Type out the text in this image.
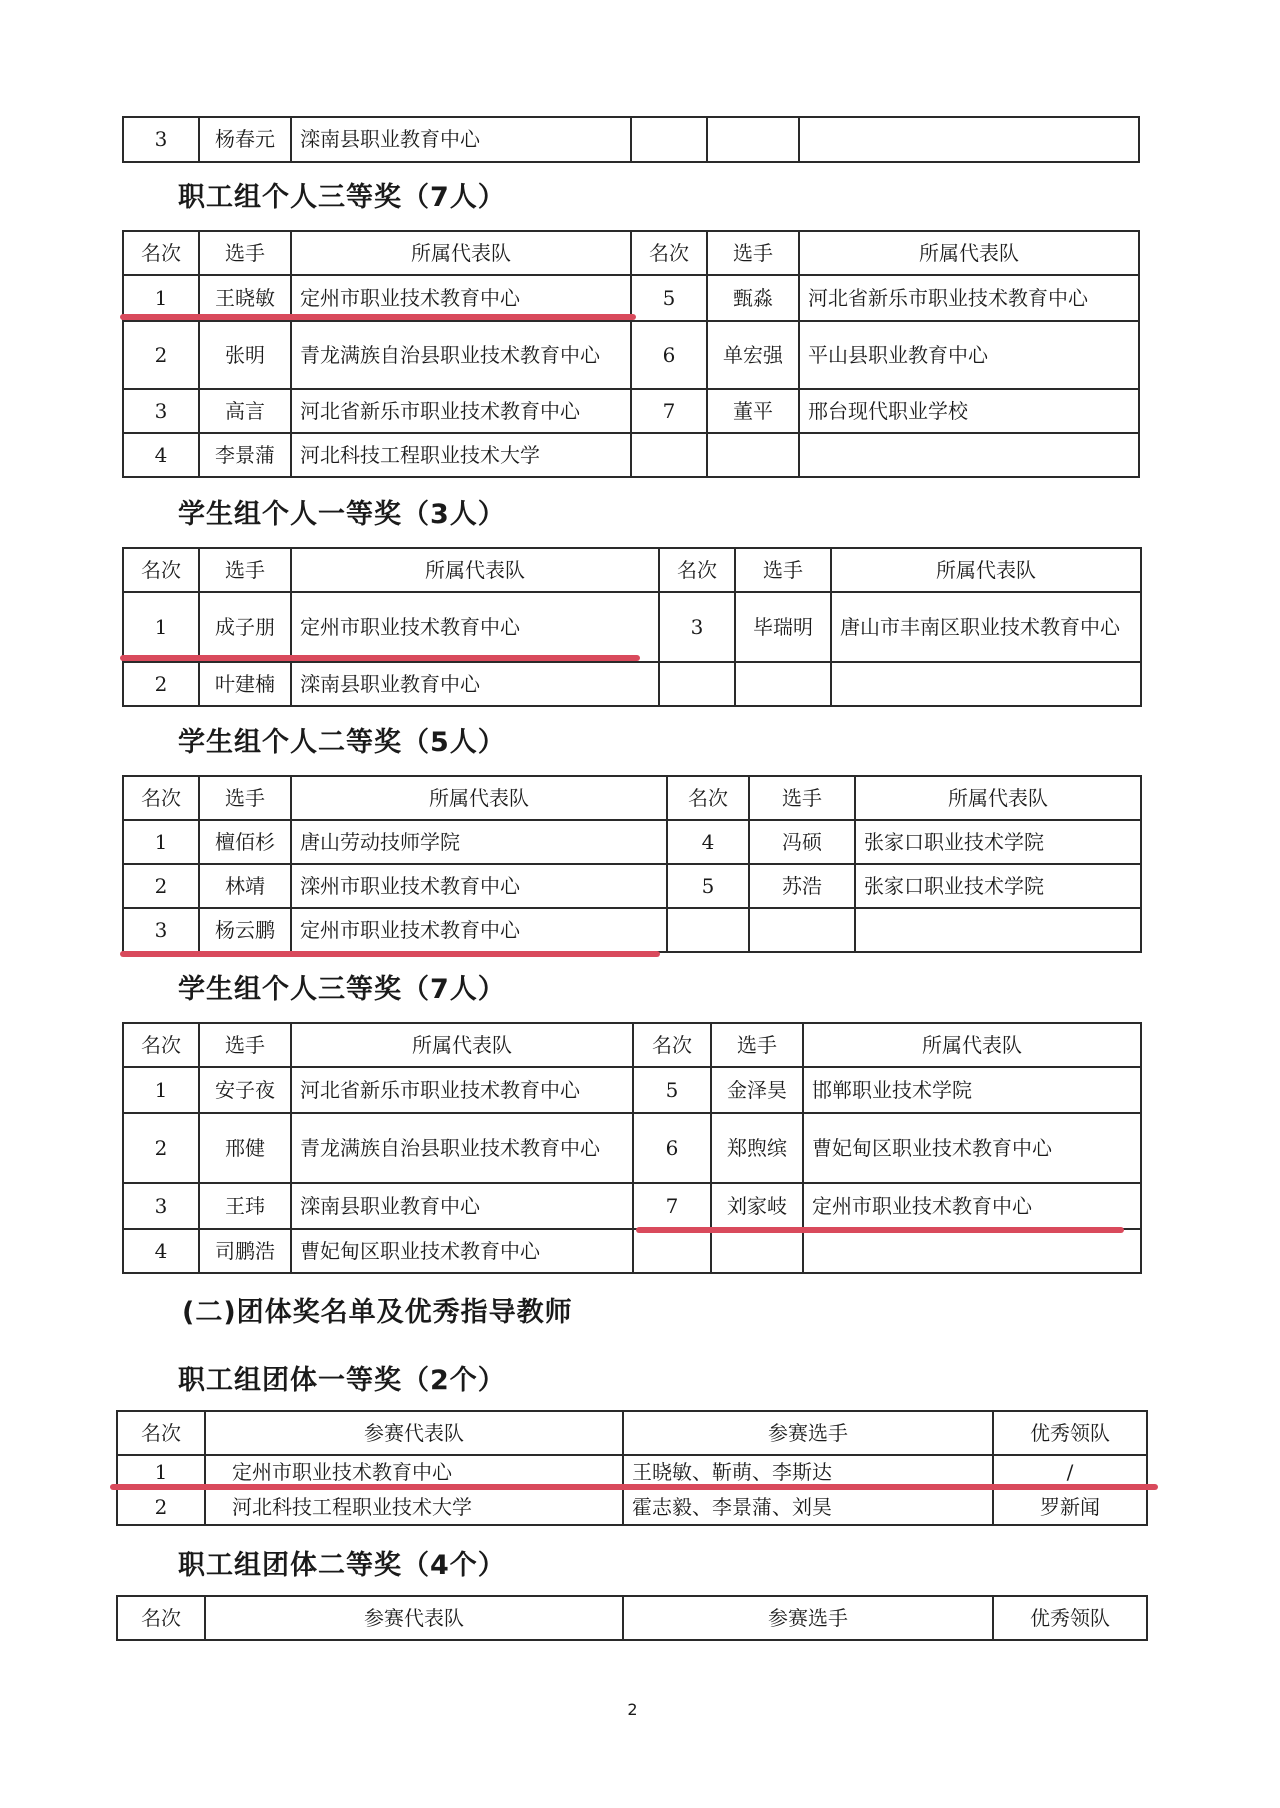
3	杨春元	滦南县职业教育中心			
职工组个人三等奖（7人）
名次	选手	所属代表队	名次	选手	所属代表队
1	王晓敏	定州市职业技术教育中心	5	甄淼	河北省新乐市职业技术教育中心
2	张明	青龙满族自治县职业技术教育中心	6	单宏强	平山县职业教育中心
3	高言	河北省新乐市职业技术教育中心	7	董平	邢台现代职业学校
4	李景蒲	河北科技工程职业技术大学			
学生组个人一等奖（3人）
名次	选手	所属代表队	名次	选手	所属代表队
1	成子朋	定州市职业技术教育中心	3	毕瑞明	唐山市丰南区职业技术教育中心
2	叶建楠	滦南县职业教育中心			
学生组个人二等奖（5人）
名次	选手	所属代表队	名次	选手	所属代表队
1	檀佰杉	唐山劳动技师学院	4	冯硕	张家口职业技术学院
2	林靖	滦州市职业技术教育中心	5	苏浩	张家口职业技术学院
3	杨云鹏	定州市职业技术教育中心			
学生组个人三等奖（7人）
名次	选手	所属代表队	名次	选手	所属代表队
1	安子夜	河北省新乐市职业技术教育中心	5	金泽昊	邯郸职业技术学院
2	邢健	青龙满族自治县职业技术教育中心	6	郑煦缤	曹妃甸区职业技术教育中心
3	王玮	滦南县职业教育中心	7	刘家岐	定州市职业技术教育中心
4	司鹏浩	曹妃甸区职业技术教育中心			
(二)团体奖名单及优秀指导教师
职工组团体一等奖（2个）
名次	参赛代表队	参赛选手	优秀领队
1	定州市职业技术教育中心	王晓敏、靳萌、李斯达	/
2	河北科技工程职业技术大学	霍志毅、李景蒲、刘昊	罗新闻
职工组团体二等奖（4个）
名次	参赛代表队	参赛选手	优秀领队
2
